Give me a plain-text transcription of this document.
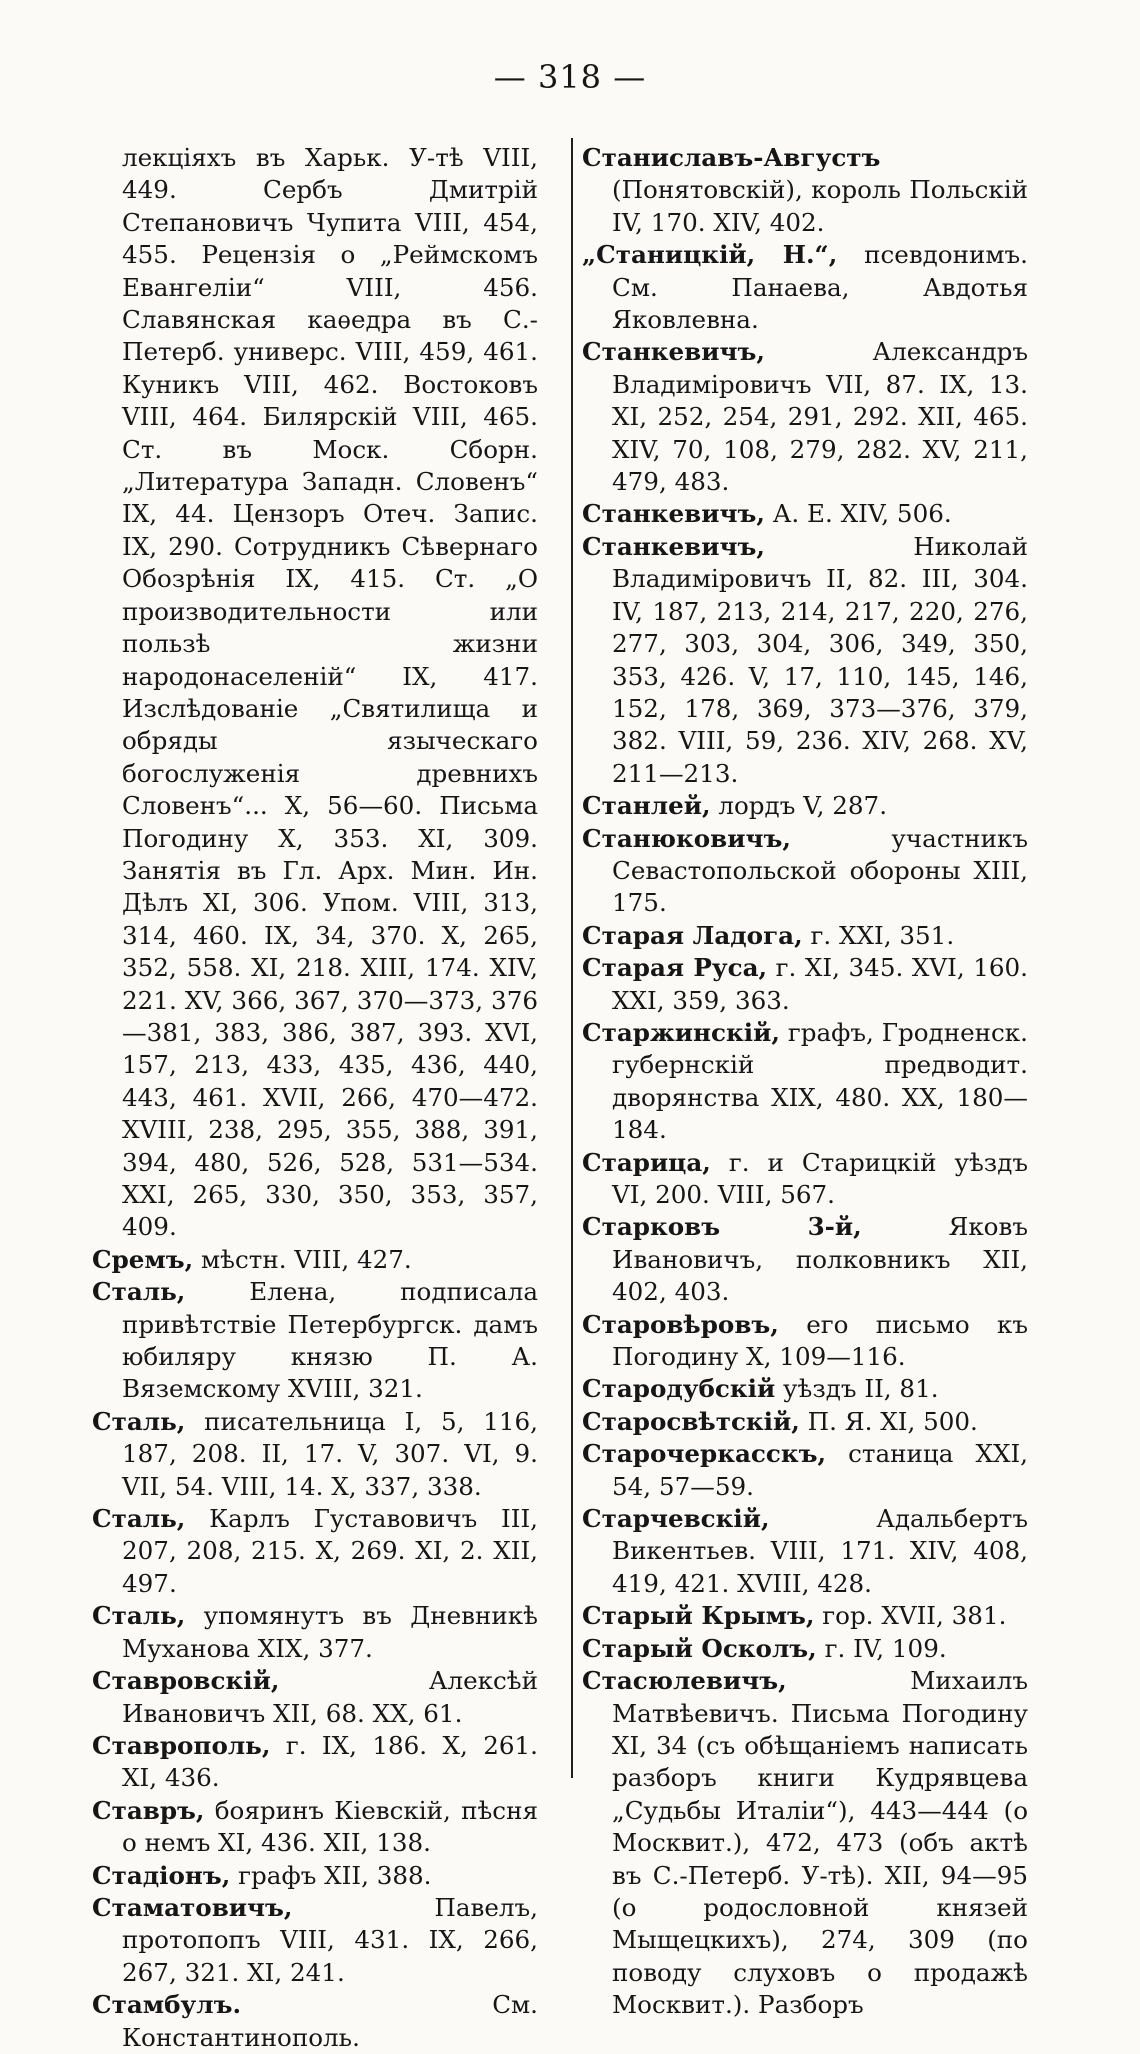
— 318 —

лекціяхъ въ Харьк. У-тѣ VIII, 449. Сербъ Дмитрій Степановичъ Чупита VIII, 454, 455. Рецензія о „Реймскомъ Евангеліи“ VIII, 456. Славянская каѳедра въ С.-Петерб. универс. VIII, 459, 461. Куникъ VIII, 462. Востоковъ VIII, 464. Билярскій VIII, 465. Ст. въ Моск. Сборн. „Литература Западн. Словенъ“ IX, 44. Цензоръ Отеч. Запис. IX, 290. Сотрудникъ Сѣвернаго Обозрѣнія IX, 415. Ст. „О производительности или пользѣ жизни народонаселеній“ IX, 417. Изслѣдованіе „Святилища и обряды языческаго богослуженія древнихъ Словенъ“... X, 56—60. Письма Погодину X, 353. XI, 309. Занятія въ Гл. Арх. Мин. Ин. Дѣлъ XI, 306. Упом. VIII, 313, 314, 460. IX, 34, 370. X, 265, 352, 558. XI, 218. XIII, 174. XIV, 221. XV, 366, 367, 370—373, 376—381, 383, 386, 387, 393. XVI, 157, 213, 433, 435, 436, 440, 443, 461. XVII, 266, 470—472. XVIII, 238, 295, 355, 388, 391, 394, 480, 526, 528, 531—534. XXI, 265, 330, 350, 353, 357, 409.

Сремъ, мѣстн. VIII, 427.

Сталь,	Елена, подписала привѣтствіе Петербургск. дамъ юбиляру князю П. А. Вяземскому XVIII, 321.

Сталь, писательница I, 5, 116, 187, 208. II, 17. V, 307. VI, 9. VII, 54. VIII, 14. X, 337, 338.

Сталь, Карлъ Густавовичъ III, 207, 208, 215. X, 269. XI, 2. XII, 497.

Сталь, упомянутъ въ Дневникѣ Муханова XIX, 377.

Ставровскій,	Алексѣй Ивановичъ XII, 68. XX, 61.

Ставрополь, г. IX, 186. X, 261. XI, 436.

Ставръ, бояринъ Кіевскій, пѣсня о немъ XI, 436. XII, 138.

Стадіонъ, графъ XII, 388.

Стаматовичъ,	Павелъ, протопопъ VIII, 431. IX, 266, 267, 321. XI, 241.

Стамбулъ.	См. Константинополь.

Станиславъ-Августъ (Понятовскій), король Польскій IV, 170. XIV, 402.

„Станицкій, Н.“, псевдонимъ. См. Панаева, Авдотья Яковлевна.

Станкевичъ,	Александръ Владиміровичъ VII, 87. IX, 13. XI, 252, 254, 291, 292. XII, 465. XIV, 70, 108, 279, 282. XV, 211, 479, 483.

Станкевичъ, А. Е. XIV, 506.

Станкевичъ,	Николай Владиміровичъ II, 82. III, 304. IV, 187, 213, 214, 217, 220, 276, 277, 303, 304, 306, 349, 350, 353, 426. V, 17, 110, 145, 146, 152, 178, 369, 373—376, 379, 382. VIII, 59, 236. XIV, 268. XV, 211—213.

Станлей, лордъ V, 287.

Станюковичъ,	участникъ Севастопольской обороны XIII, 175.

Старая Ладога, г. XXI, 351.

Старая Руса, г. XI, 345. XVI, 160. XXI, 359, 363.

Старжинскій, графъ, Гродненск. губернскій предводит. дворянства XIX, 480. XX, 180—184.

Старица, г. и Старицкій уѣздъ VI, 200. VIII, 567.

Старковъ 3-й,	Яковъ Ивановичъ, полковникъ XII, 402, 403.

Старовѣровъ, его письмо къ Погодину X, 109—116.

Стародубскій уѣздъ II, 81.

Старосвѣтскій, П. Я. XI, 500.

Старочеркасскъ, станица XXI, 54, 57—59.

Старчевскій,	Адальбертъ Викентьев. VIII, 171. XIV, 408, 419, 421. XVIII, 428.

Старый Крымъ, гор. XVII, 381.

Старый Осколъ, г. IV, 109.

Стасюлевичъ,	Михаилъ Матвѣевичъ. Письма Погодину XI, 34 (съ обѣщаніемъ написать разборъ книги Кудрявцева „Судьбы Италіи“), 443—444 (о Москвит.), 472, 473 (объ актѣ въ С.-Петерб. У-тѣ). XII, 94—95 (о родословной князей Мыщецкихъ), 274, 309 (по поводу слуховъ о продажѣ Москвит.). Разборъ
